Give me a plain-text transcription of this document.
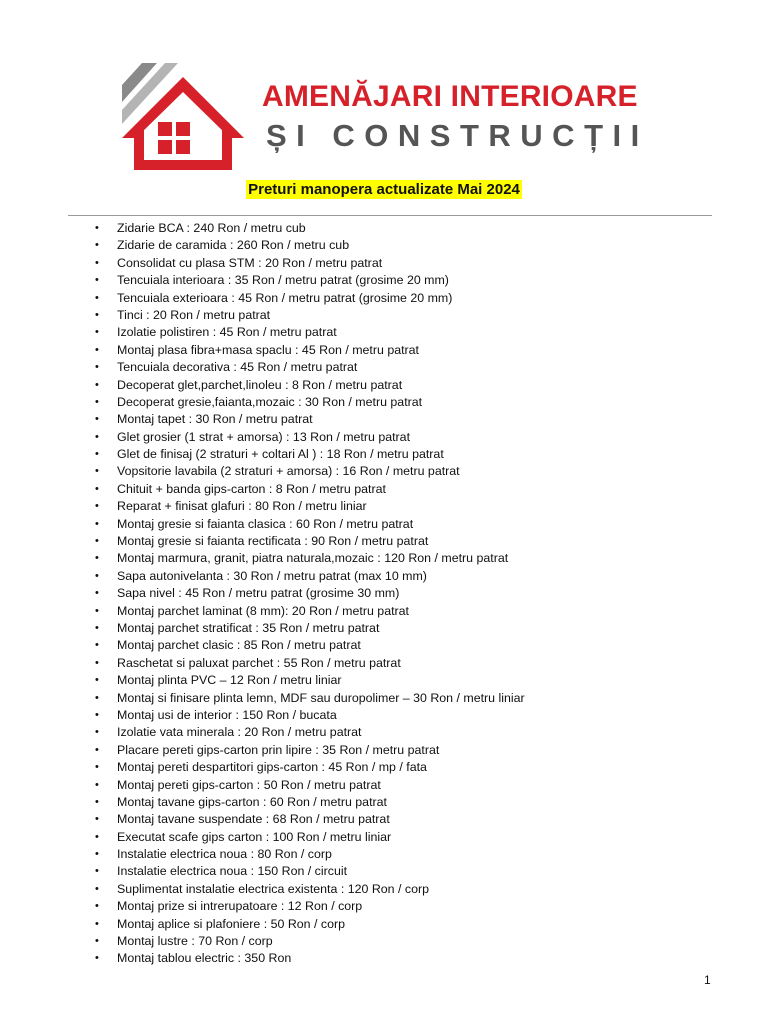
AMENĂJARI INTERIOARE
ȘI CONSTRUCȚII
Preturi manopera actualizate Mai 2024
• Zidarie BCA : 240 Ron / metru cub
• Zidarie de caramida : 260 Ron / metru cub
• Consolidat cu plasa STM : 20 Ron / metru patrat
• Tencuiala interioara : 35 Ron / metru patrat (grosime 20 mm)
• Tencuiala exterioara : 45 Ron / metru patrat (grosime 20 mm)
• Tinci : 20 Ron / metru patrat
• Izolatie polistiren : 45 Ron / metru patrat
• Montaj plasa fibra+masa spaclu : 45 Ron / metru patrat
• Tencuiala decorativa : 45 Ron / metru patrat
• Decoperat glet,parchet,linoleu : 8 Ron / metru patrat
• Decoperat gresie,faianta,mozaic : 30 Ron / metru patrat
• Montaj tapet : 30 Ron / metru patrat
• Glet grosier (1 strat + amorsa) : 13 Ron / metru patrat
• Glet de finisaj (2 straturi + coltari Al ) : 18 Ron / metru patrat
• Vopsitorie lavabila (2 straturi + amorsa) : 16 Ron / metru patrat
• Chituit + banda gips-carton : 8 Ron / metru patrat
• Reparat + finisat glafuri : 80 Ron / metru liniar
• Montaj gresie si faianta clasica : 60 Ron / metru patrat
• Montaj gresie si faianta rectificata : 90 Ron / metru patrat
• Montaj marmura, granit, piatra naturala,mozaic : 120 Ron / metru patrat
• Sapa autonivelanta : 30 Ron / metru patrat (max 10 mm)
• Sapa nivel : 45 Ron / metru patrat (grosime 30 mm)
• Montaj parchet laminat (8 mm): 20 Ron / metru patrat
• Montaj parchet stratificat : 35 Ron / metru patrat
• Montaj parchet clasic : 85 Ron / metru patrat
• Raschetat si paluxat parchet : 55 Ron / metru patrat
• Montaj plinta PVC – 12 Ron / metru liniar
• Montaj si finisare plinta lemn, MDF sau duropolimer – 30 Ron / metru liniar
• Montaj usi de interior : 150 Ron / bucata
• Izolatie vata minerala : 20 Ron / metru patrat
• Placare pereti gips-carton prin lipire : 35 Ron / metru patrat
• Montaj pereti despartitori gips-carton : 45 Ron / mp / fata
• Montaj pereti gips-carton : 50 Ron / metru patrat
• Montaj tavane gips-carton : 60 Ron / metru patrat
• Montaj tavane suspendate : 68 Ron / metru patrat
• Executat scafe gips carton : 100 Ron / metru liniar
• Instalatie electrica noua : 80 Ron / corp
• Instalatie electrica noua : 150 Ron / circuit
• Suplimentat instalatie electrica existenta : 120 Ron / corp
• Montaj prize si intrerupatoare : 12 Ron / corp
• Montaj aplice si plafoniere : 50 Ron / corp
• Montaj lustre : 70 Ron / corp
• Montaj tablou electric : 350 Ron
1
